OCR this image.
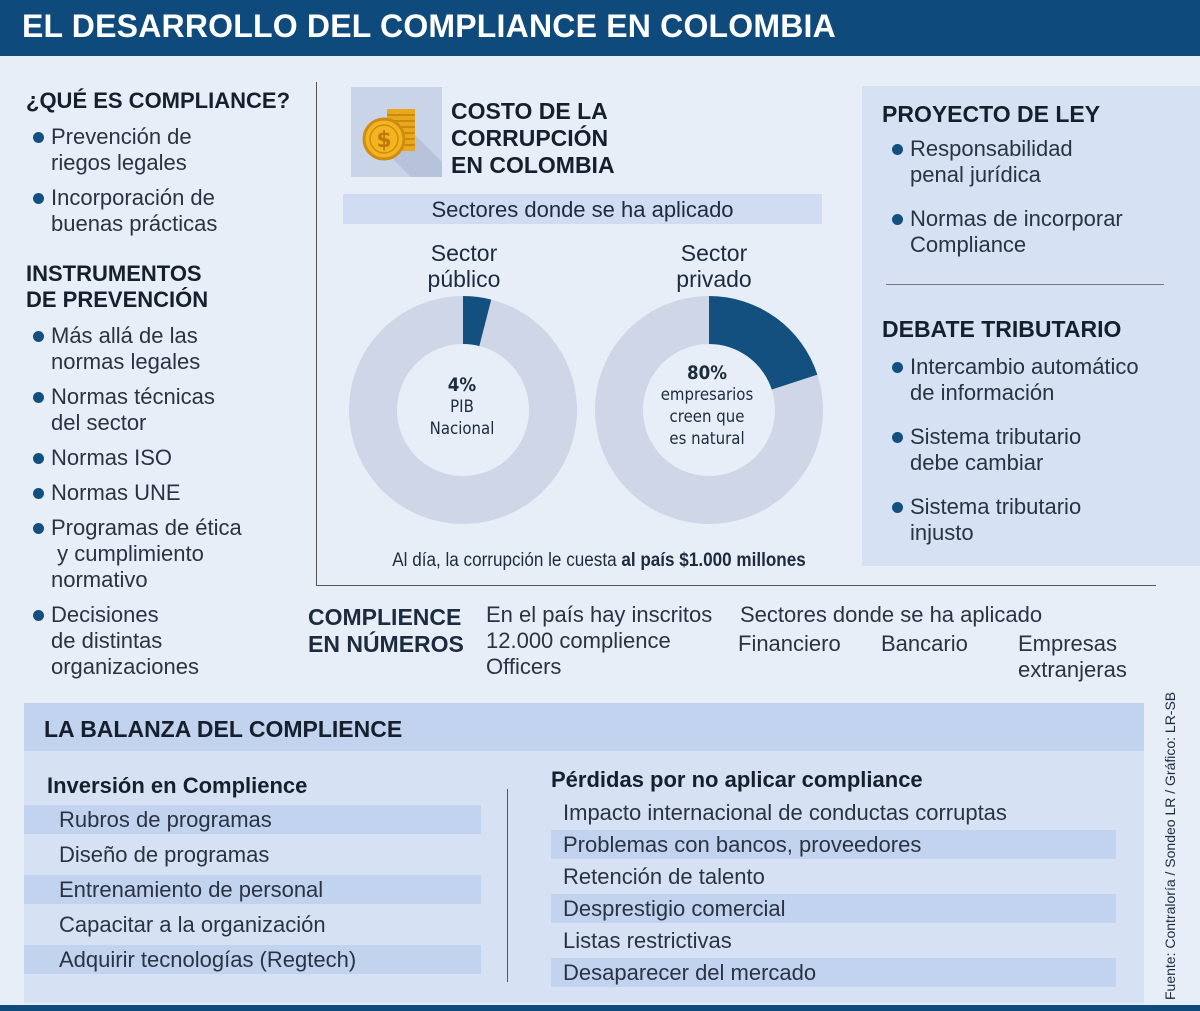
EL DESARROLLO DEL COMPLIANCE EN COLOMBIA
¿QUÉ ES COMPLIANCE?
Prevención de
riegos legales
Incorporación de
buenas prácticas
INSTRUMENTOS
DE PREVENCIÓN
Más allá de las
normas legales
Normas técnicas
del sector
Normas ISO
Normas UNE
Programas de ética
y cumplimiento
normativo
Decisiones
de distintas
organizaciones
$
COSTO DE LA
CORRUPCIÓN
EN COLOMBIA
Sectores donde se ha aplicado
Sector
público
Sector
privado
4%
PIB
Nacional
80%
empresarios
creen que
es natural
Al día, la corrupción le cuesta al país $1.000 millones
PROYECTO DE LEY
Responsabilidad
penal jurídica
Normas de incorporar
Compliance
DEBATE TRIBUTARIO
Intercambio automático
de información
Sistema tributario
debe cambiar
Sistema tributario
injusto
COMPLIENCE
EN NÚMEROS
En el país hay inscritos
12.000 complience
Officers
Sectores donde se ha aplicado
Financiero Bancario Empresas
extranjeras
LA BALANZA DEL COMPLIENCE
Inversión en Complience
Rubros de programas
Diseño de programas
Entrenamiento de personal
Capacitar a la organización
Adquirir tecnologías (Regtech)
Pérdidas por no aplicar compliance
Impacto internacional de conductas corruptas
Problemas con bancos, proveedores
Retención de talento
Desprestigio comercial
Listas restrictivas
Desaparecer del mercado	Fuente: Contraloría / Sondeo LR / Gráfico: LR-SB
